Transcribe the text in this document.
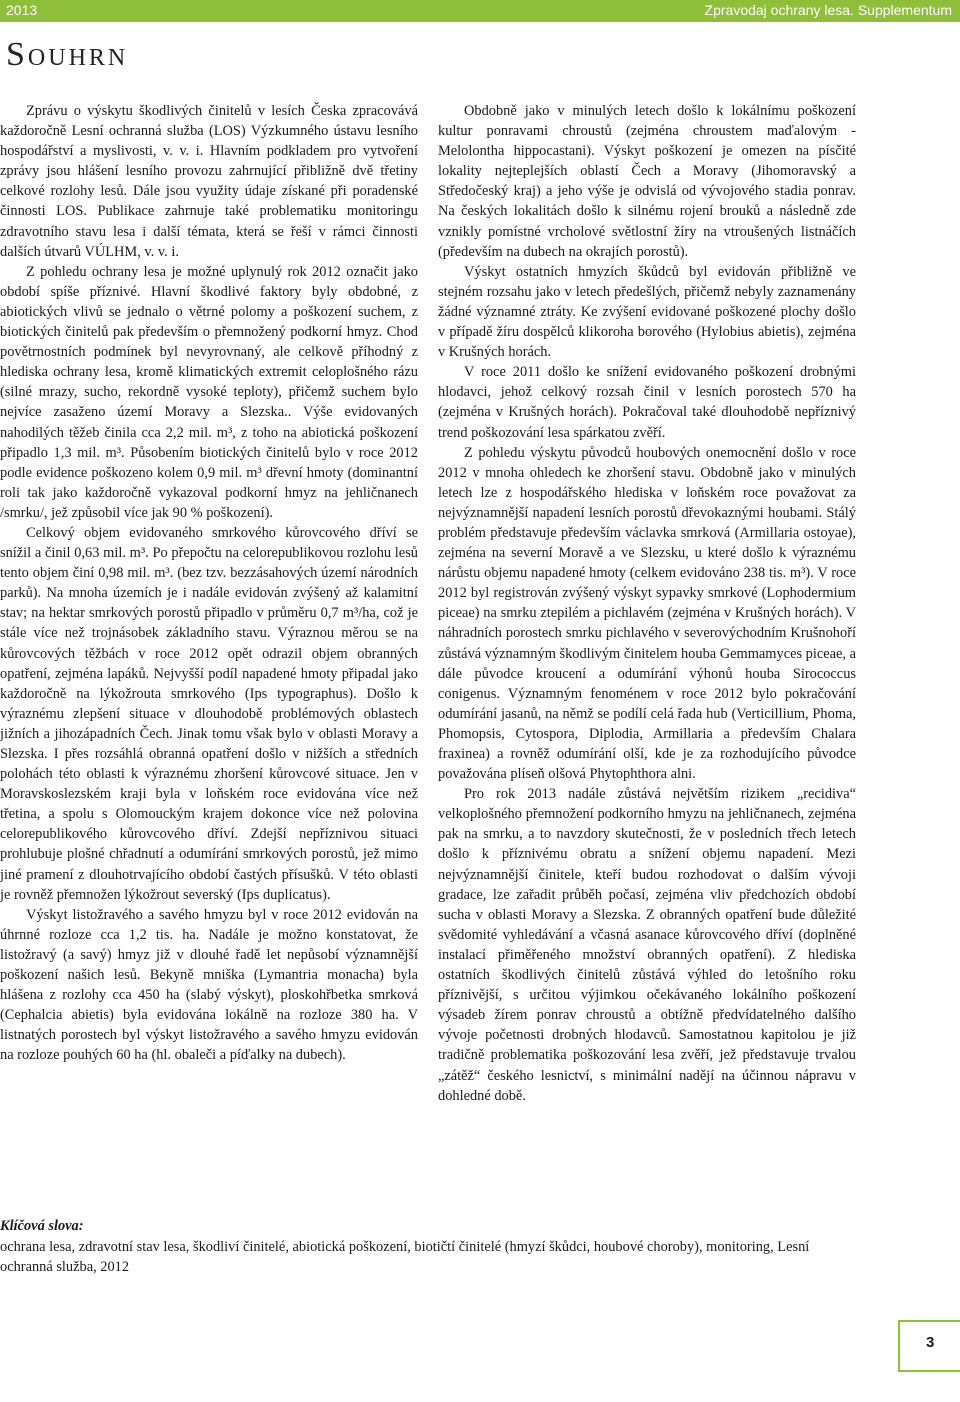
2013	Zpravodaj ochrany lesa. Supplementum
Souhrn

Zprávu o výskytu škodlivých činitelů v lesích Česka zpracovává každoročně Lesní ochranná služba (LOS) Výzkumného ústavu lesního hospodářství a myslivosti, v. v. i. Hlavním podkladem pro vytvoření zprávy jsou hlášení lesního provozu zahrnující přibližně dvě třetiny celkové rozlohy lesů. Dále jsou využity údaje získané při poradenské činnosti LOS. Publikace zahrnuje také problematiku monitoringu zdravotního stavu lesa i další témata, která se řeší v rámci činnosti dalších útvarů VÚLHM, v. v. i.

Z pohledu ochrany lesa je možné uplynulý rok 2012 označit jako období spíše příznivé. Hlavní škodlivé faktory byly obdobné, z abiotických vlivů se jednalo o větrné polomy a poškození suchem, z biotických činitelů pak především o přemnožený podkorní hmyz. Chod povětrnostních podmínek byl nevyrovnaný, ale celkově příhodný z hlediska ochrany lesa, kromě klimatických extremit celoplošného rázu (silné mrazy, sucho, rekordně vysoké teploty), přičemž suchem bylo nejvíce zasaženo území Moravy a Slezska.. Výše evidovaných nahodilých těžeb činila cca 2,2 mil. m³, z toho na abiotická poškození připadlo 1,3 mil. m³. Působením biotických činitelů bylo v roce 2012 podle evidence poškozeno kolem 0,9 mil. m³ dřevní hmoty (dominantní roli tak jako každoročně vykazoval podkorní hmyz na jehličnanech /smrku/, jež způsobil více jak 90 % poškození).

Celkový objem evidovaného smrkového kůrovcového dříví se snížil a činil 0,63 mil. m³. Po přepočtu na celorepublikovou rozlohu lesů tento objem činí 0,98 mil. m³. (bez tzv. bezzásahových území národních parků). Na mnoha územích je i nadále evidován zvýšený až kalamitní stav; na hektar smrkových porostů připadlo v průměru 0,7 m³/ha, což je stále více než trojnásobek základního stavu. Výraznou měrou se na kůrovcových těžbách v roce 2012 opět odrazil objem obranných opatření, zejména lapáků. Nejvyšší podíl napadené hmoty připadal jako každoročně na lýkožrouta smrkového (Ips typographus). Došlo k výraznému zlepšení situace v dlouhodobě problémových oblastech jižních a jihozápadních Čech. Jinak tomu však bylo v oblasti Moravy a Slezska. I přes rozsáhlá obranná opatření došlo v nižších a středních polohách této oblasti k výraznému zhoršení kůrovcové situace. Jen v Moravskoslezském kraji byla v loňském roce evidována více než třetina, a spolu s Olomouckým krajem dokonce více než polovina celorepublikového kůrovcového dříví. Zdejší nepříznivou situaci prohlubuje plošné chřadnutí a odumírání smrkových porostů, jež mimo jiné pramení z dlouhotrvajícího období častých přísušků. V této oblasti je rovněž přemnožen lýkožrout severský (Ips duplicatus).

Výskyt listožravého a savého hmyzu byl v roce 2012 evidován na úhrnné rozloze cca 1,2 tis. ha. Nadále je možno konstatovat, že listožravý (a savý) hmyz již v dlouhé řadě let nepůsobí významnější poškození našich lesů. Bekyně mniška (Lymantria monacha) byla hlášena z rozlohy cca 450 ha (slabý výskyt), ploskohřbetka smrková (Cephalcia abietis) byla evidována lokálně na rozloze 380 ha. V listnatých porostech byl výskyt listožravého a savého hmyzu evidován na rozloze pouhých 60 ha (hl. obaleči a píďalky na dubech).

Obdobně jako v minulých letech došlo k lokálnímu poškození kultur ponravami chroustů (zejména chroustem maďalovým - Melolontha hippocastani). Výskyt poškození je omezen na písčité lokality nejteplejších oblastí Čech a Moravy (Jihomoravský a Středočeský kraj) a jeho výše je odvislá od vývojového stadia ponrav. Na českých lokalitách došlo k silnému rojení brouků a následně zde vznikly pomístné vrcholové světlostní žíry na vtroušených listnáčích (především na dubech na okrajích porostů).

Výskyt ostatních hmyzích škůdců byl evidován přibližně ve stejném rozsahu jako v letech předešlých, přičemž nebyly zaznamenány žádné významné ztráty. Ke zvýšení evidované poškozené plochy došlo v případě žíru dospělců klikoroha borového (Hylobius abietis), zejména v Krušných horách.

V roce 2011 došlo ke snížení evidovaného poškození drobnými hlodavci, jehož celkový rozsah činil v lesních porostech 570 ha (zejména v Krušných horách). Pokračoval také dlouhodobě nepříznivý trend poškozování lesa spárkatou zvěří.

Z pohledu výskytu původců houbových onemocnění došlo v roce 2012 v mnoha ohledech ke zhoršení stavu. Obdobně jako v minulých letech lze z hospodářského hlediska v loňském roce považovat za nejvýznamnější napadení lesních porostů dřevokaznými houbami. Stálý problém představuje především václavka smrková (Armillaria ostoyae), zejména na severní Moravě a ve Slezsku, u které došlo k výraznému nárůstu objemu napadené hmoty (celkem evidováno 238 tis. m³). V roce 2012 byl registrován zvýšený výskyt sypavky smrkové (Lophodermium piceae) na smrku ztepilém a pichlavém (zejména v Krušných horách). V náhradních porostech smrku pichlavého v severovýchodním Krušnohoří zůstává významným škodlivým činitelem houba Gemmamyces piceae, a dále původce kroucení a odumírání výhonů houba Sirococcus conigenus. Významným fenoménem v roce 2012 bylo pokračování odumírání jasanů, na němž se podílí celá řada hub (Verticillium, Phoma, Phomopsis, Cytospora, Diplodia, Armillaria a především Chalara fraxinea) a rovněž odumírání olší, kde je za rozhodujícího původce považována plíseň olšová Phytophthora alni.

Pro rok 2013 nadále zůstává největším rizikem „recidiva“ velkoplošného přemnožení podkorního hmyzu na jehličnanech, zejména pak na smrku, a to navzdory skutečnosti, že v posledních třech letech došlo k příznivému obratu a snížení objemu napadení. Mezi nejvýznamnější činitele, kteří budou rozhodovat o dalším vývoji gradace, lze zařadit průběh počasí, zejména vliv předchozích období sucha v oblasti Moravy a Slezska. Z obranných opatření bude důležité svědomité vyhledávání a včasná asanace kůrovcového dříví (doplněné instalací přiměřeného množství obranných opatření). Z hlediska ostatních škodlivých činitelů zůstává výhled do letošního roku příznivější, s určitou výjimkou očekávaného lokálního poškození výsadeb žírem ponrav chroustů a obtížně předvídatelného dalšího vývoje početnosti drobných hlodavců. Samostatnou kapitolou je již tradičně problematika poškozování lesa zvěří, jež představuje trvalou „zátěž“ českého lesnictví, s minimální nadějí na účinnou nápravu v dohledné době.

Klíčová slova:
ochrana lesa, zdravotní stav lesa, škodliví činitelé, abiotická poškození, biotičtí činitelé (hmyzí škůdci, houbové choroby), monitoring, Lesní ochranná služba, 2012
3
